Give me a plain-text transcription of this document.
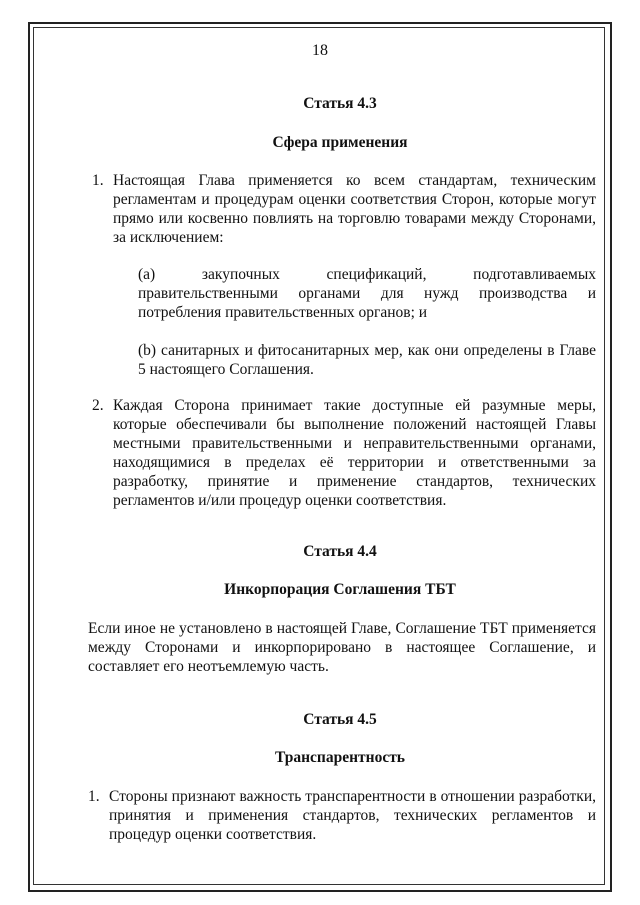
18
Статья 4.3
Сфера применения
1. Настоящая Глава применяется ко всем стандартам, техническим регламентам и процедурам оценки соответствия Сторон, которые могут прямо или косвенно повлиять на торговлю товарами между Сторонами, за исключением:
(a) закупочных спецификаций, подготавливаемых правительственными органами для нужд производства и потребления правительственных органов; и
(b) санитарных и фитосанитарных мер, как они определены в Главе 5 настоящего Соглашения.
2. Каждая Сторона принимает такие доступные ей разумные меры, которые обеспечивали бы выполнение положений настоящей Главы местными правительственными и неправительственными органами, находящимися в пределах её территории и ответственными за разработку, принятие и применение стандартов, технических регламентов и/или процедур оценки соответствия.
Статья 4.4
Инкорпорация Соглашения ТБТ
Если иное не установлено в настоящей Главе, Соглашение ТБТ применяется между Сторонами и инкорпорировано в настоящее Соглашение, и составляет его неотъемлемую часть.
Статья 4.5
Транспарентность
1. Стороны признают важность транспарентности в отношении разработки, принятия и применения стандартов, технических регламентов и процедур оценки соответствия.
